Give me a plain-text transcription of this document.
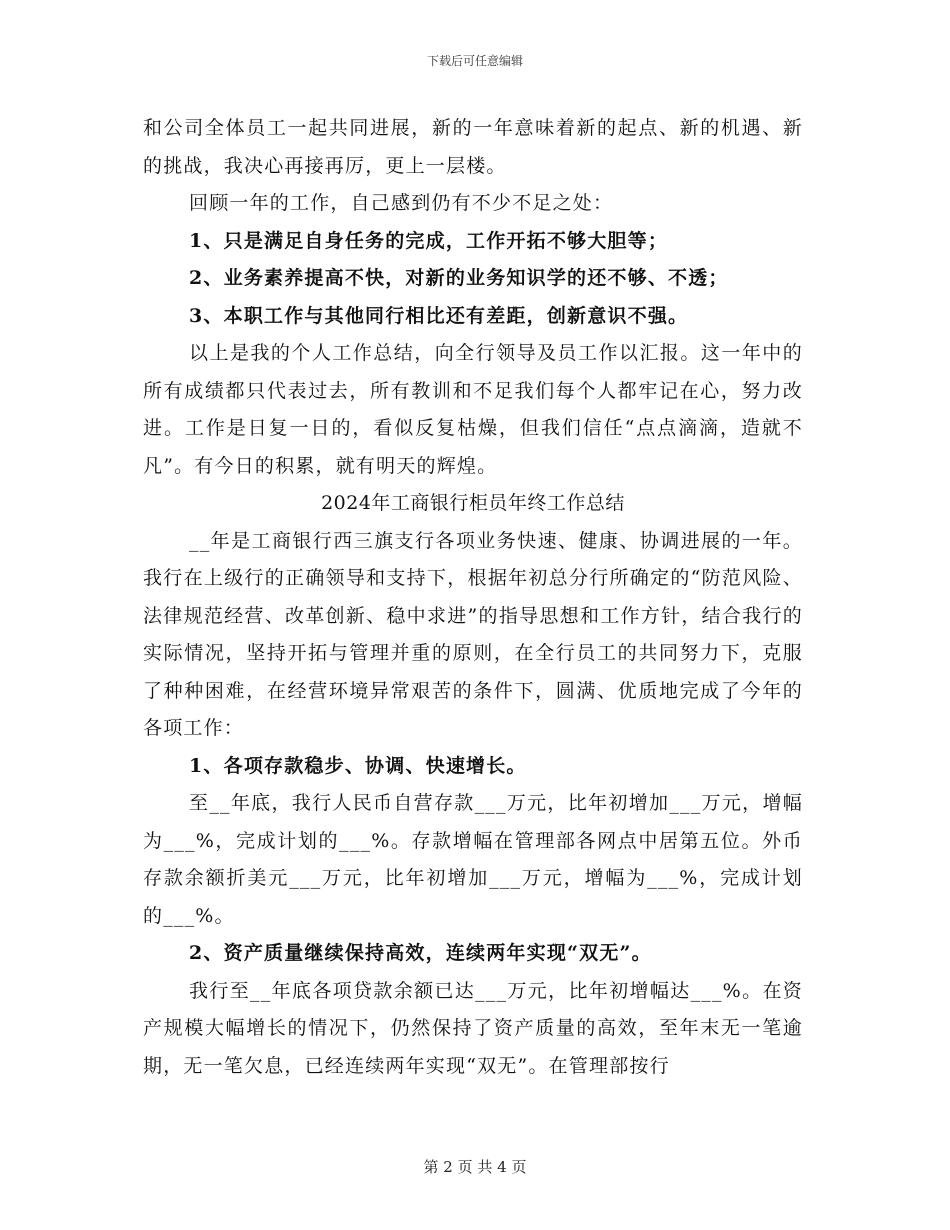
下载后可任意编辑

和公司全体员工一起共同进展，新的一年意味着新的起点、新的机遇、新的挑战，我决心再接再厉，更上一层楼。

回顾一年的工作，自己感到仍有不少不足之处：

1、只是满足自身任务的完成，工作开拓不够大胆等；

2、业务素养提高不快，对新的业务知识学的还不够、不透；

3、本职工作与其他同行相比还有差距，创新意识不强。

以上是我的个人工作总结，向全行领导及员工作以汇报。这一年中的所有成绩都只代表过去，所有教训和不足我们每个人都牢记在心，努力改进。工作是日复一日的，看似反复枯燥，但我们信任“点点滴滴，造就不凡”。有今日的积累，就有明天的辉煌。

2024年工商银行柜员年终工作总结

__年是工商银行西三旗支行各项业务快速、健康、协调进展的一年。我行在上级行的正确领导和支持下，根据年初总分行所确定的“防范风险、法律规范经营、改革创新、稳中求进”的指导思想和工作方针，结合我行的实际情况，坚持开拓与管理并重的原则，在全行员工的共同努力下，克服了种种困难，在经营环境异常艰苦的条件下，圆满、优质地完成了今年的各项工作：

1、各项存款稳步、协调、快速增长。

至__年底，我行人民币自营存款___万元，比年初增加___万元，增幅为___%，完成计划的___%。存款增幅在管理部各网点中居第五位。外币存款余额折美元___万元，比年初增加___万元，增幅为___%，完成计划的___%。

2、资产质量继续保持高效，连续两年实现“双无”。

我行至__年底各项贷款余额已达___万元，比年初增幅达___%。在资产规模大幅增长的情况下，仍然保持了资产质量的高效，至年末无一笔逾期，无一笔欠息，已经连续两年实现“双无”。在管理部按行

第 2 页 共 4 页
